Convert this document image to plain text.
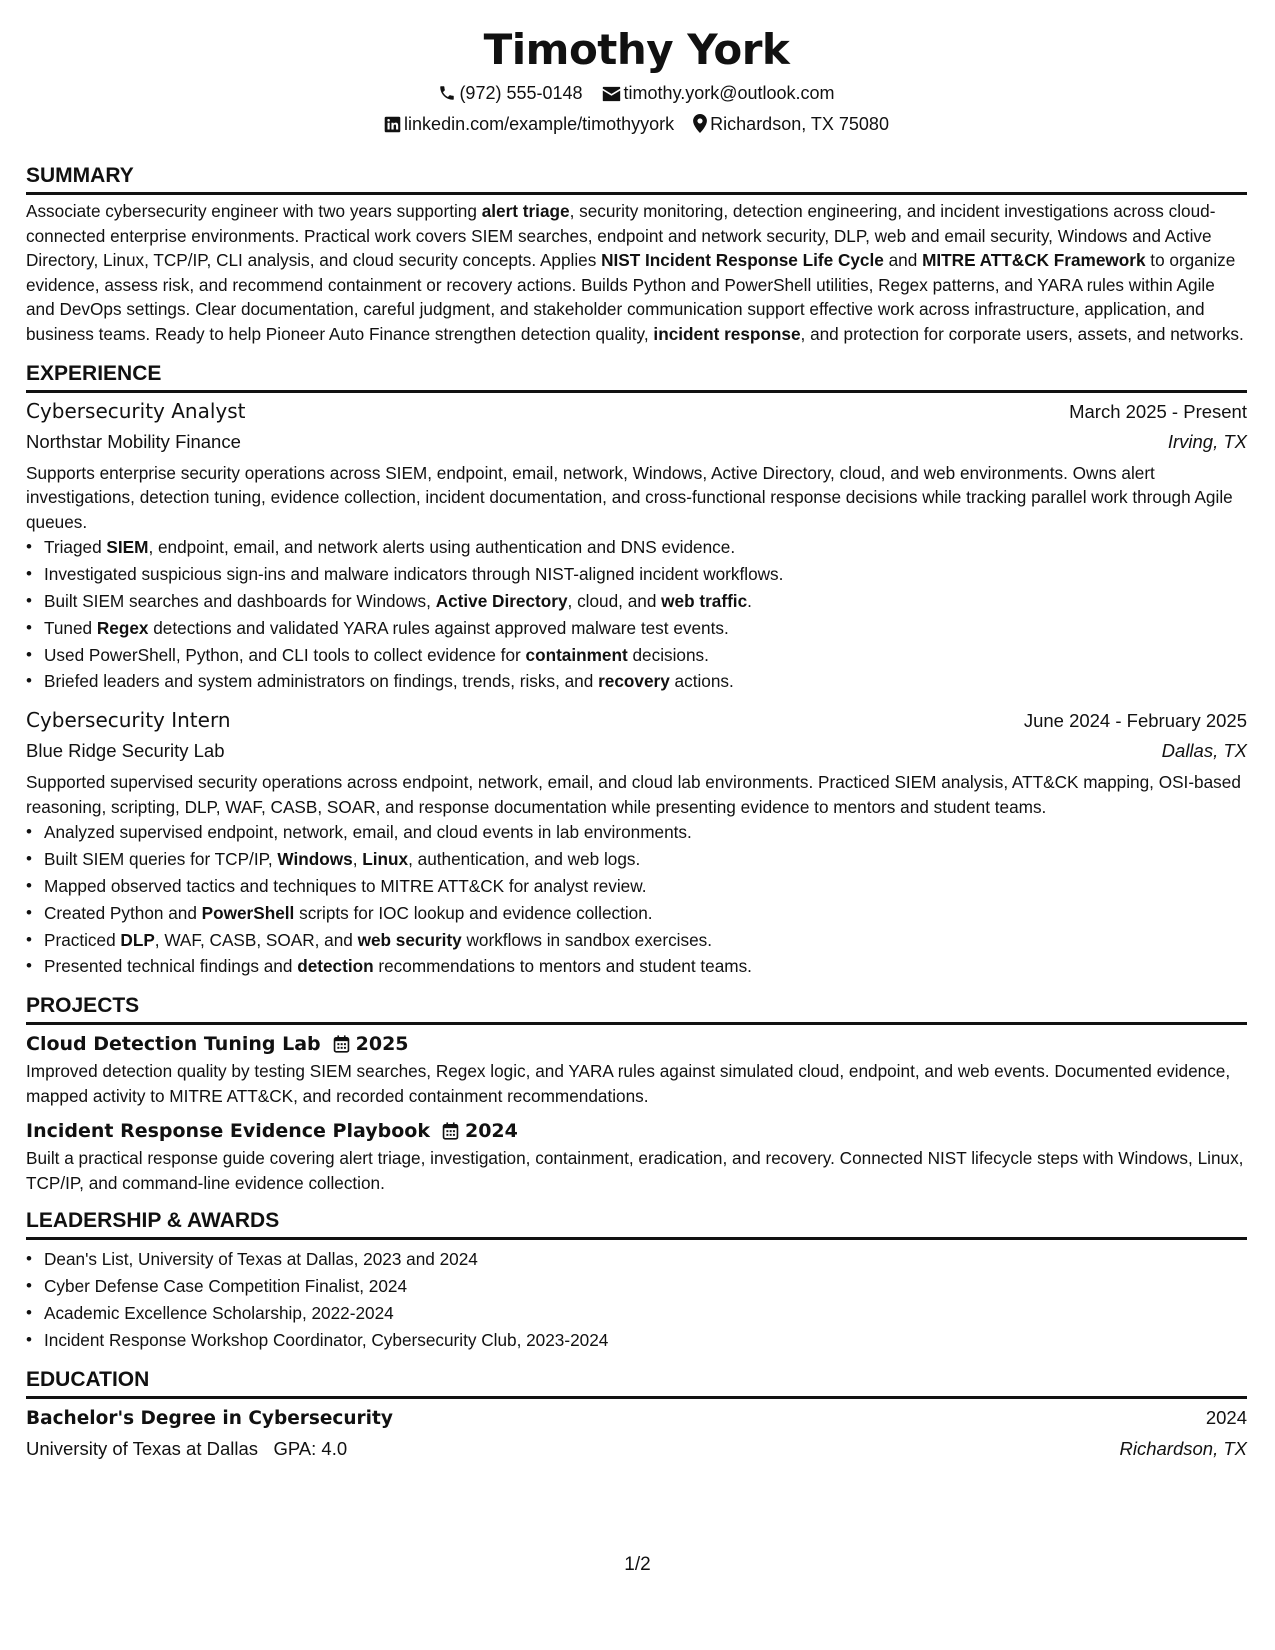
Timothy York
(972) 555-0148 timothy.york@outlook.com
linkedin.com/example/timothyyork Richardson, TX 75080
SUMMARY

Associate cybersecurity engineer with two years supporting alert triage, security monitoring, detection engineering, and incident investigations across cloud-connected enterprise environments. Practical work covers SIEM searches, endpoint and network security, DLP, web and email security, Windows and Active Directory, Linux, TCP/IP, CLI analysis, and cloud security concepts. Applies NIST Incident Response Life Cycle and MITRE ATT&CK Framework to organize evidence, assess risk, and recommend containment or recovery actions. Builds Python and PowerShell utilities, Regex patterns, and YARA rules within Agile and DevOps settings. Clear documentation, careful judgment, and stakeholder communication support effective work across infrastructure, application, and business teams. Ready to help Pioneer Auto Finance strengthen detection quality, incident response, and protection for corporate users, assets, and networks.

EXPERIENCE
Cybersecurity Analyst	March 2025 - Present
Northstar Mobility Finance	Irving, TX

Supports enterprise security operations across SIEM, endpoint, email, network, Windows, Active Directory, cloud, and web environments. Owns alert investigations, detection tuning, evidence collection, incident documentation, and cross-functional response decisions while tracking parallel work through Agile queues.

• Triaged SIEM, endpoint, email, and network alerts using authentication and DNS evidence.
• Investigated suspicious sign-ins and malware indicators through NIST-aligned incident workflows.
• Built SIEM searches and dashboards for Windows, Active Directory, cloud, and web traffic.
• Tuned Regex detections and validated YARA rules against approved malware test events.
• Used PowerShell, Python, and CLI tools to collect evidence for containment decisions.
• Briefed leaders and system administrators on findings, trends, risks, and recovery actions.
Cybersecurity Intern	June 2024 - February 2025
Blue Ridge Security Lab	Dallas, TX

Supported supervised security operations across endpoint, network, email, and cloud lab environments. Practiced SIEM analysis, ATT&CK mapping, OSI-based reasoning, scripting, DLP, WAF, CASB, SOAR, and response documentation while presenting evidence to mentors and student teams.

• Analyzed supervised endpoint, network, email, and cloud events in lab environments.
• Built SIEM queries for TCP/IP, Windows, Linux, authentication, and web logs.
• Mapped observed tactics and techniques to MITRE ATT&CK for analyst review.
• Created Python and PowerShell scripts for IOC lookup and evidence collection.
• Practiced DLP, WAF, CASB, SOAR, and web security workflows in sandbox exercises.
• Presented technical findings and detection recommendations to mentors and student teams.
PROJECTS
Cloud Detection Tuning Lab 2025

Improved detection quality by testing SIEM searches, Regex logic, and YARA rules against simulated cloud, endpoint, and web events. Documented evidence, mapped activity to MITRE ATT&CK, and recorded containment recommendations.

Incident Response Evidence Playbook 2024

Built a practical response guide covering alert triage, investigation, containment, eradication, and recovery. Connected NIST lifecycle steps with Windows, Linux, TCP/IP, and command-line evidence collection.

LEADERSHIP & AWARDS
• Dean's List, University of Texas at Dallas, 2023 and 2024
• Cyber Defense Case Competition Finalist, 2024
• Academic Excellence Scholarship, 2022-2024
• Incident Response Workshop Coordinator, Cybersecurity Club, 2023-2024
EDUCATION
Bachelor's Degree in Cybersecurity	2024
University of Texas at Dallas GPA: 4.0	Richardson, TX
1/2
